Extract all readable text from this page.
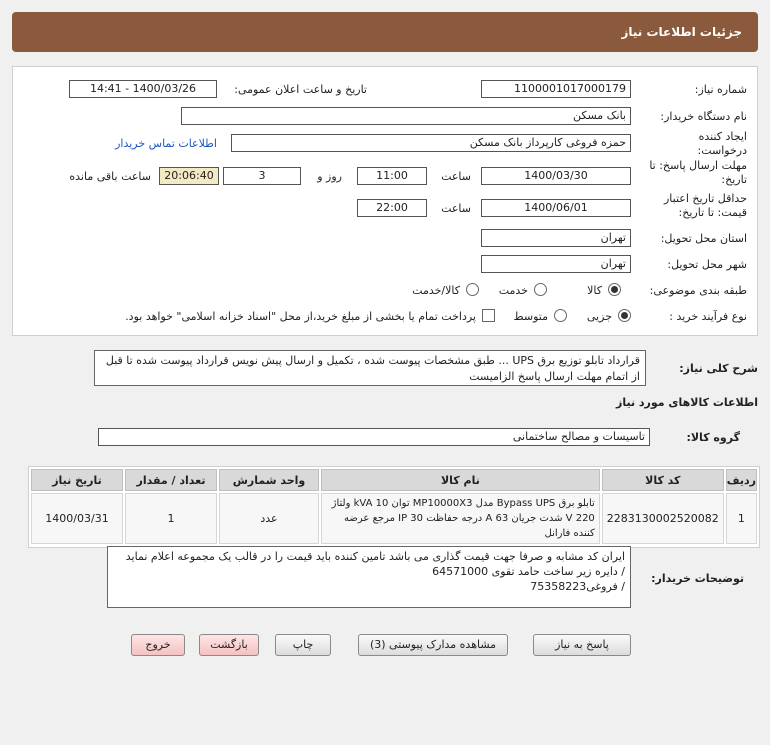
جزئیات اطلاعات نیاز
شماره نیاز:
1100001017000179
تاریخ و ساعت اعلان عمومی:
1400/03/26 - 14:41
نام دستگاه خریدار:
بانک مسکن
ایجاد کننده درخواست:
حمزه فروغی کارپرداز بانک مسکن
اطلاعات تماس خریدار
مهلت ارسال پاسخ: تا تاریخ:
1400/03/30
ساعت
11:00
3	روز و
20:06:40
ساعت باقی مانده
حداقل تاریخ اعتبار قیمت: تا تاریخ:
1400/06/01
ساعت
22:00
استان محل تحویل:
تهران
شهر محل تحویل:
تهران
طبقه بندی موضوعی:
کالا
خدمت
کالا/خدمت
نوع فرآیند خرید :
جزیی
متوسط
پرداخت تمام یا بخشی از مبلغ خرید،از محل "اسناد خزانه اسلامی" خواهد بود.
شرح کلی نیاز:
قرارداد تابلو توزیع برق UPS ... طبق مشخصات پیوست شده ، تکمیل و ارسال پیش نویس قرارداد پیوست شده تا قبل از اتمام مهلت ارسال پاسخ الزامیست
اطلاعات کالاهای مورد نیاز
گروه کالا:
تاسیسات و مصالح ساختمانی
ردیف	کد کالا	نام کالا	واحد شمارش	تعداد / مقدار	تاریخ نیاز
1	2283130002520082	تابلو برق Bypass UPS مدل MP10000X3 توان 10 kVA ولتاژ 220 V شدت جریان 63 A درجه حفاظت IP 30 مرجع عرضه کننده فارانل	عدد	1	1400/03/31
توضیحات خریدار:
ایران کد مشابه و صرفا جهت قیمت گذاری می باشد تامین کننده باید قیمت را در قالب یک مجموعه اعلام نماید
/ دایره زیر ساخت حامد تقوی 64571000
/ فروغی75358223
پاسخ به نیاز
مشاهده مدارک پیوستی (3)
چاپ
بازگشت
خروج
